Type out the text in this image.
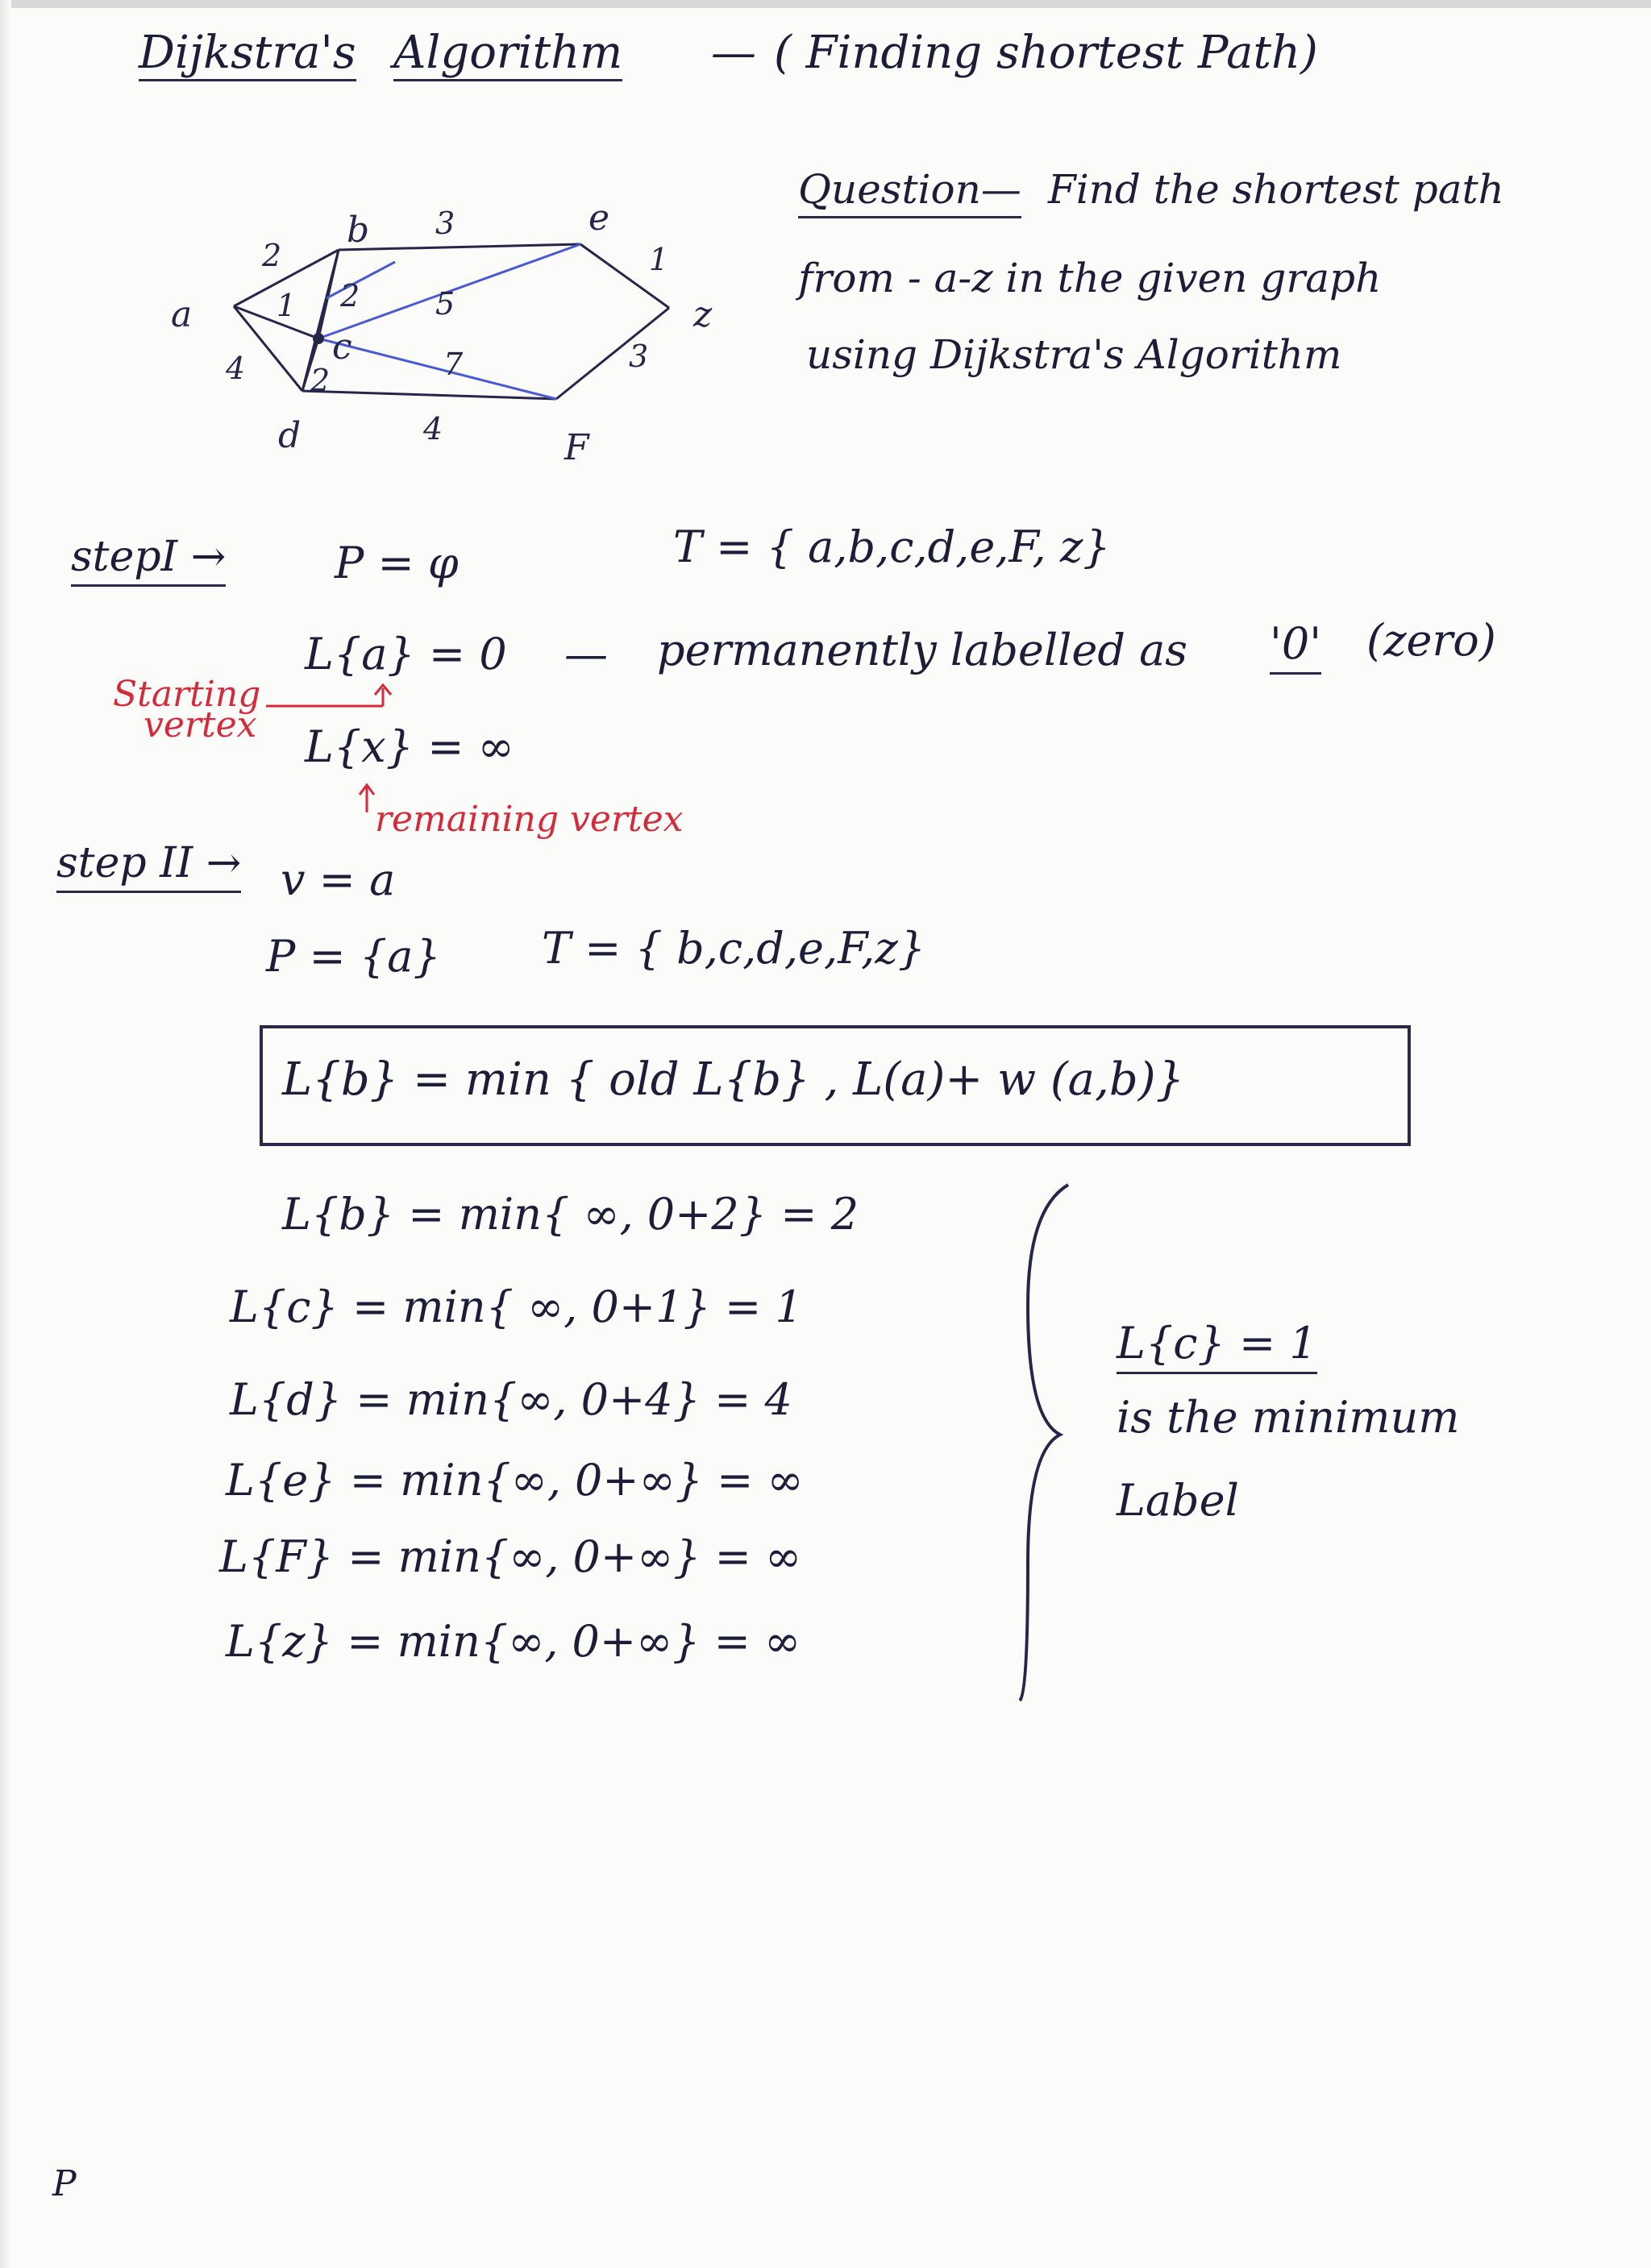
Dijkstra's Algorithm — ( Finding shortest Path)
a
b
c
d
e
F
z
2
1
4
2
3
2
5
7
4
1
3
Question— Find the shortest path
from - a-z in the given graph
using Dijkstra's Algorithm
stepI → P = φ	T = { a,b,c,d,e,F, z}
L{a} = 0 — permanently labelled as '0' (zero)
Starting
vertex L{x} = ∞
remaining vertex
step II → v = a
P = {a} T = { b,c,d,e,F,z}
L{b} = min { old L{b} , L(a)+ w (a,b)}
L{b} = min{ ∞, 0+2} = 2
L{c} = min{ ∞, 0+1} = 1
L{d} = min{∞, 0+4} = 4
L{e} = min{∞, 0+∞} = ∞
L{F} = min{∞, 0+∞} = ∞
L{z} = min{∞, 0+∞} = ∞
L{c} = 1
is the minimum
Label
P
